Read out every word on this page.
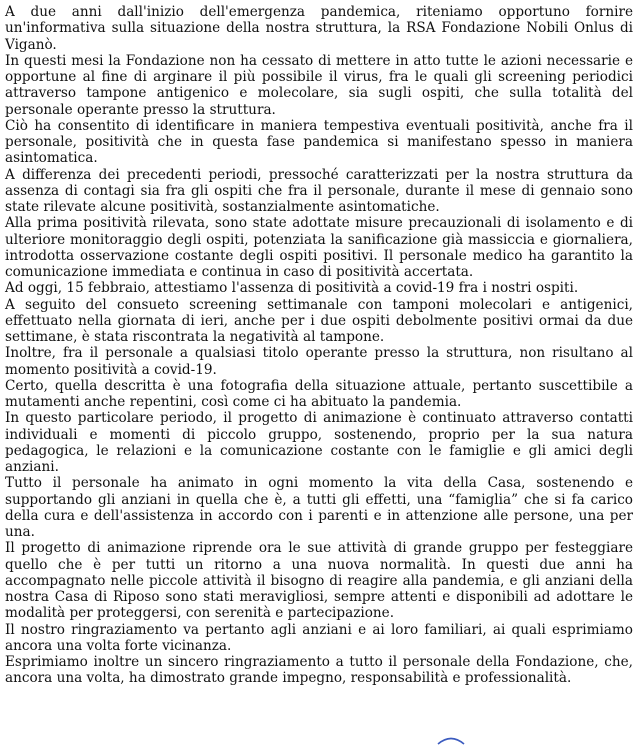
A due anni dall'inizio dell'emergenza pandemica, riteniamo opportuno fornire un'informativa sulla situazione della nostra struttura, la RSA Fondazione Nobili Onlus di Viganò.

In questi mesi la Fondazione non ha cessato di mettere in atto tutte le azioni necessarie e opportune al fine di arginare il più possibile il virus, fra le quali gli screening periodici attraverso tampone antigenico e molecolare, sia sugli ospiti, che sulla totalità del personale operante presso la struttura.

Ciò ha consentito di identificare in maniera tempestiva eventuali positività, anche fra il personale, positività che in questa fase pandemica si manifestano spesso in maniera asintomatica.

A differenza dei precedenti periodi, pressoché caratterizzati per la nostra struttura da assenza di contagi sia fra gli ospiti che fra il personale, durante il mese di gennaio sono state rilevate alcune positività, sostanzialmente asintomatiche.

Alla prima positività rilevata, sono state adottate misure precauzionali di isolamento e di ulteriore monitoraggio degli ospiti, potenziata la sanificazione già massiccia e giornaliera, introdotta osservazione costante degli ospiti positivi. Il personale medico ha garantito la comunicazione immediata e continua in caso di positività accertata.

Ad oggi, 15 febbraio, attestiamo l'assenza di positività a covid-19 fra i nostri ospiti.

A seguito del consueto screening settimanale con tamponi molecolari e antigenici, effettuato nella giornata di ieri, anche per i due ospiti debolmente positivi ormai da due settimane, è stata riscontrata la negatività al tampone.

Inoltre, fra il personale a qualsiasi titolo operante presso la struttura, non risultano al momento positività a covid-19.

Certo, quella descritta è una fotografia della situazione attuale, pertanto suscettibile a mutamenti anche repentini, così come ci ha abituato la pandemia.

In questo particolare periodo, il progetto di animazione è continuato attraverso contatti individuali e momenti di piccolo gruppo, sostenendo, proprio per la sua natura pedagogica, le relazioni e la comunicazione costante con le famiglie e gli amici degli anziani.

Tutto il personale ha animato in ogni momento la vita della Casa, sostenendo e supportando gli anziani in quella che è, a tutti gli effetti, una “famiglia” che si fa carico della cura e dell'assistenza in accordo con i parenti e in attenzione alle persone, una per una.

Il progetto di animazione riprende ora le sue attività di grande gruppo per festeggiare quello che è per tutti un ritorno a una nuova normalità. In questi due anni ha accompagnato nelle piccole attività il bisogno di reagire alla pandemia, e gli anziani della nostra Casa di Riposo sono stati meravigliosi, sempre attenti e disponibili ad adottare le modalità per proteggersi, con serenità e partecipazione.

Il nostro ringraziamento va pertanto agli anziani e ai loro familiari, ai quali esprimiamo ancora una volta forte vicinanza.

Esprimiamo inoltre un sincero ringraziamento a tutto il personale della Fondazione, che, ancora una volta, ha dimostrato grande impegno, responsabilità e professionalità.
